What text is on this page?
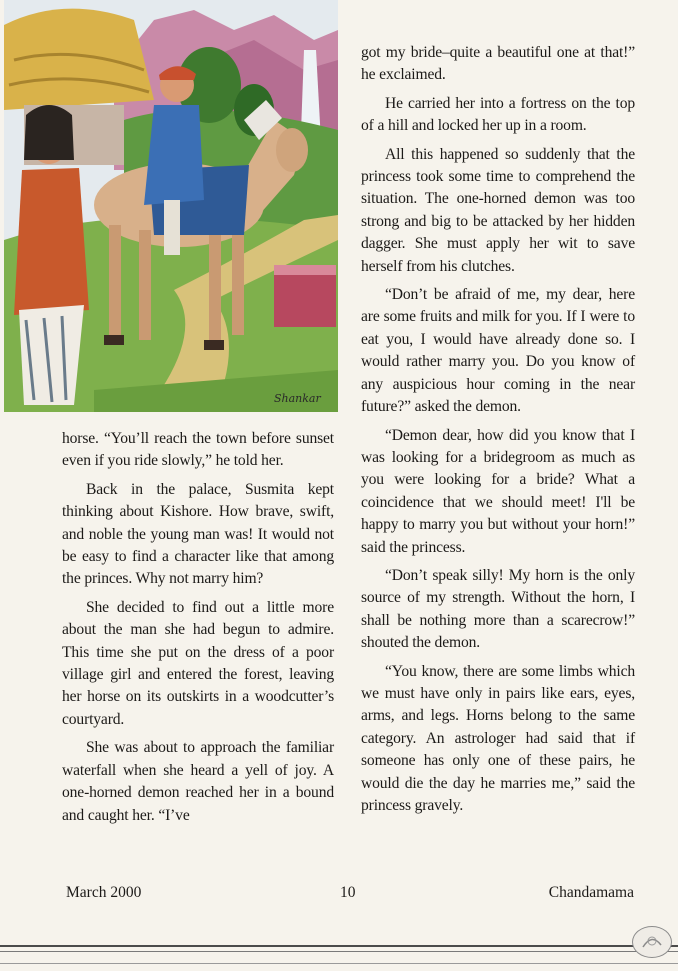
Shankar

horse. “You’ll reach the town before sunset even if you ride slowly,” he told her.

Back in the palace, Susmita kept thinking about Kishore. How brave, swift, and noble the young man was! It would not be easy to find a character like that among the princes. Why not marry him?

She decided to find out a little more about the man she had begun to admire. This time she put on the dress of a poor village girl and entered the forest, leaving her horse on its outskirts in a woodcutter’s courtyard.

She was about to approach the familiar waterfall when she heard a yell of joy. A one-horned demon reached her in a bound and caught her. “I’ve

got my bride–quite a beautiful one at that!” he exclaimed.

He carried her into a fortress on the top of a hill and locked her up in a room.

All this happened so suddenly that the princess took some time to comprehend the situation. The one-horned demon was too strong and big to be attacked by her hidden dagger. She must apply her wit to save herself from his clutches.

“Don’t be afraid of me, my dear, here are some fruits and milk for you. If I were to eat you, I would have already done so. I would rather marry you. Do you know of any auspicious hour coming in the near future?” asked the demon.

“Demon dear, how did you know that I was looking for a bridegroom as much as you were looking for a bride? What a coincidence that we should meet! I'll be happy to marry you but without your horn!” said the princess.

“Don’t speak silly! My horn is the only source of my strength. Without the horn, I shall be nothing more than a scarecrow!” shouted the demon.

“You know, there are some limbs which we must have only in pairs like ears, eyes, arms, and legs. Horns belong to the same category. An astrologer had said that if someone has only one of these pairs, he would die the day he marries me,” said the princess gravely.

March 2000	10	Chandamama
